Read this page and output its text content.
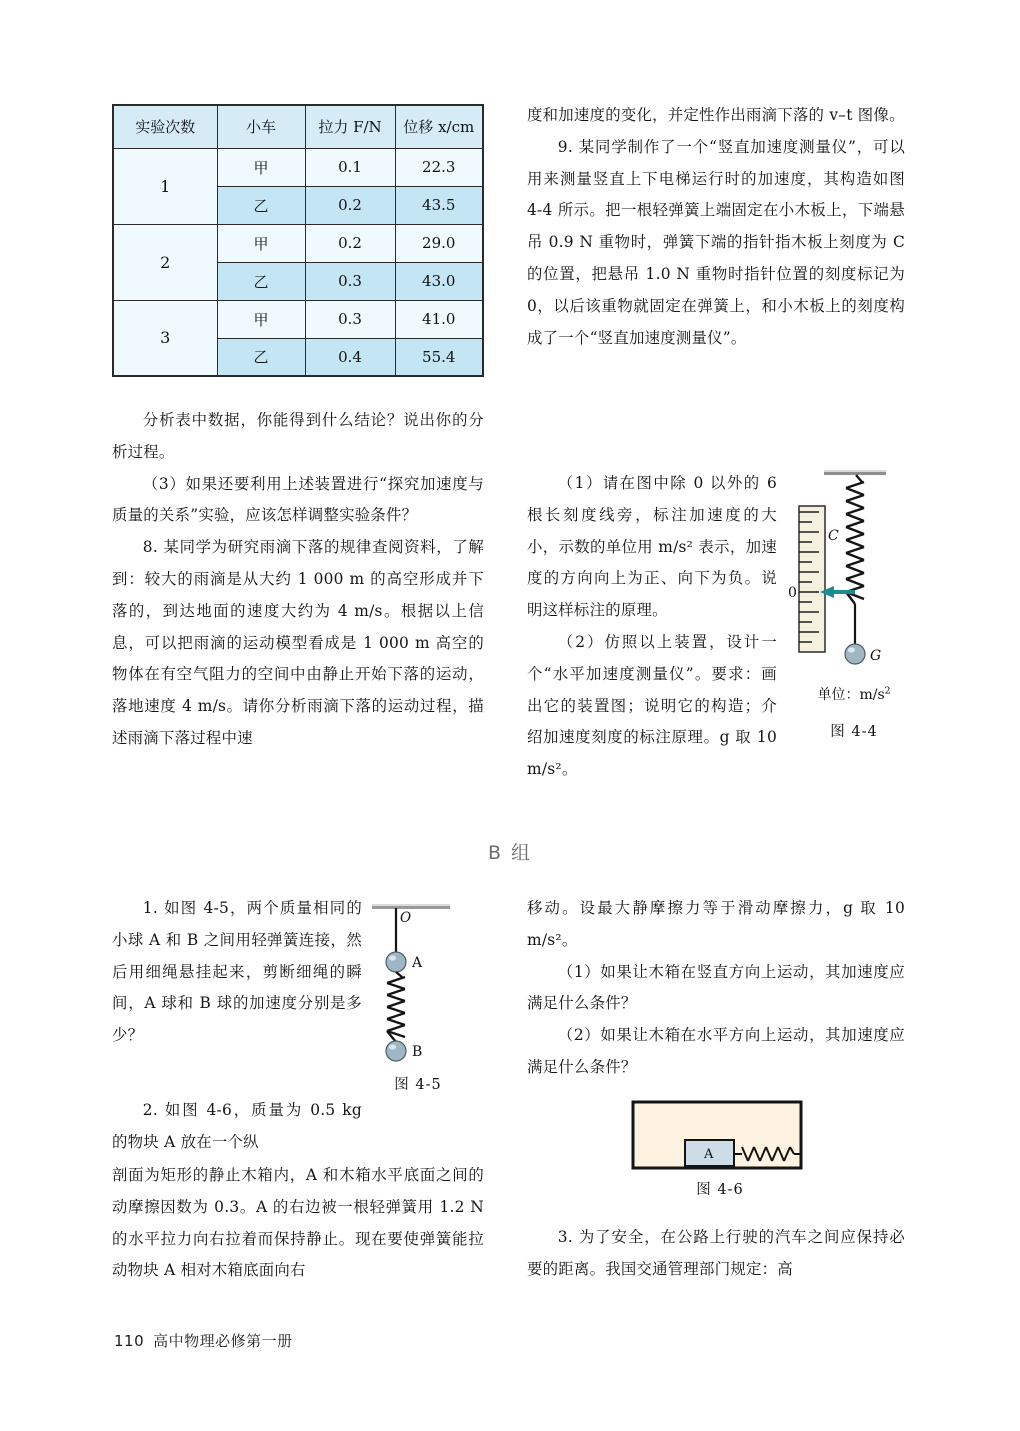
实验次数	小车	拉力 F/N	位移 x/cm
1	甲	0.1	22.3
	乙	0.2	43.5
2	甲	0.2	29.0
	乙	0.3	43.0
3	甲	0.3	41.0
	乙	0.4	55.4

分析表中数据，你能得到什么结论？说出你的分析过程。

（3）如果还要利用上述装置进行“探究加速度与质量的关系”实验，应该怎样调整实验条件？

8. 某同学为研究雨滴下落的规律查阅资料，了解到：较大的雨滴是从大约 1 000 m 的高空形成并下落的，到达地面的速度大约为 4 m/s。根据以上信息，可以把雨滴的运动模型看成是 1 000 m 高空的物体在有空气阻力的空间中由静止开始下落的运动，落地速度 4 m/s。请你分析雨滴下落的运动过程，描述雨滴下落过程中速

度和加速度的变化，并定性作出雨滴下落的 v–t 图像。

9. 某同学制作了一个“竖直加速度测量仪”，可以用来测量竖直上下电梯运行时的加速度，其构造如图 4-4 所示。把一根轻弹簧上端固定在小木板上，下端悬吊 0.9 N 重物时，弹簧下端的指针指木板上刻度为 C 的位置，把悬吊 1.0 N 重物时指针位置的刻度标记为 0，以后该重物就固定在弹簧上，和小木板上的刻度构成了一个“竖直加速度测量仪”。

（1）请在图中除 0 以外的 6 根长刻度线旁，标注加速度的大小，示数的单位用 m/s² 表示，加速度的方向向上为正、向下为负。说明这样标注的原理。

（2）仿照以上装置，设计一个“水平加速度测量仪”。要求：画出它的装置图；说明它的构造；介绍加速度刻度的标注原理。g 取 10 m/s²。

C
0
G
单位：$m/s^2$
图 4-4
B 组

1. 如图 4-5，两个质量相同的小球 A 和 B 之间用轻弹簧连接，然后用细绳悬挂起来，剪断细绳的瞬间，A 球和 B 球的加速度分别是多少？

2. 如图 4-6，质量为 0.5 kg 的物块 A 放在一个纵

剖面为矩形的静止木箱内，A 和木箱水平底面之间的动摩擦因数为 0.3。A 的右边被一根轻弹簧用 1.2 N 的水平拉力向右拉着而保持静止。现在要使弹簧能拉动物块 A 相对木箱底面向右

O
A
B
图 4-5

移动。设最大静摩擦力等于滑动摩擦力，g 取 10 m/s²。

（1）如果让木箱在竖直方向上运动，其加速度应满足什么条件？

（2）如果让木箱在水平方向上运动，其加速度应满足什么条件？

A
图 4-6

3. 为了安全，在公路上行驶的汽车之间应保持必要的距离。我国交通管理部门规定：高

110 高中物理必修第一册
